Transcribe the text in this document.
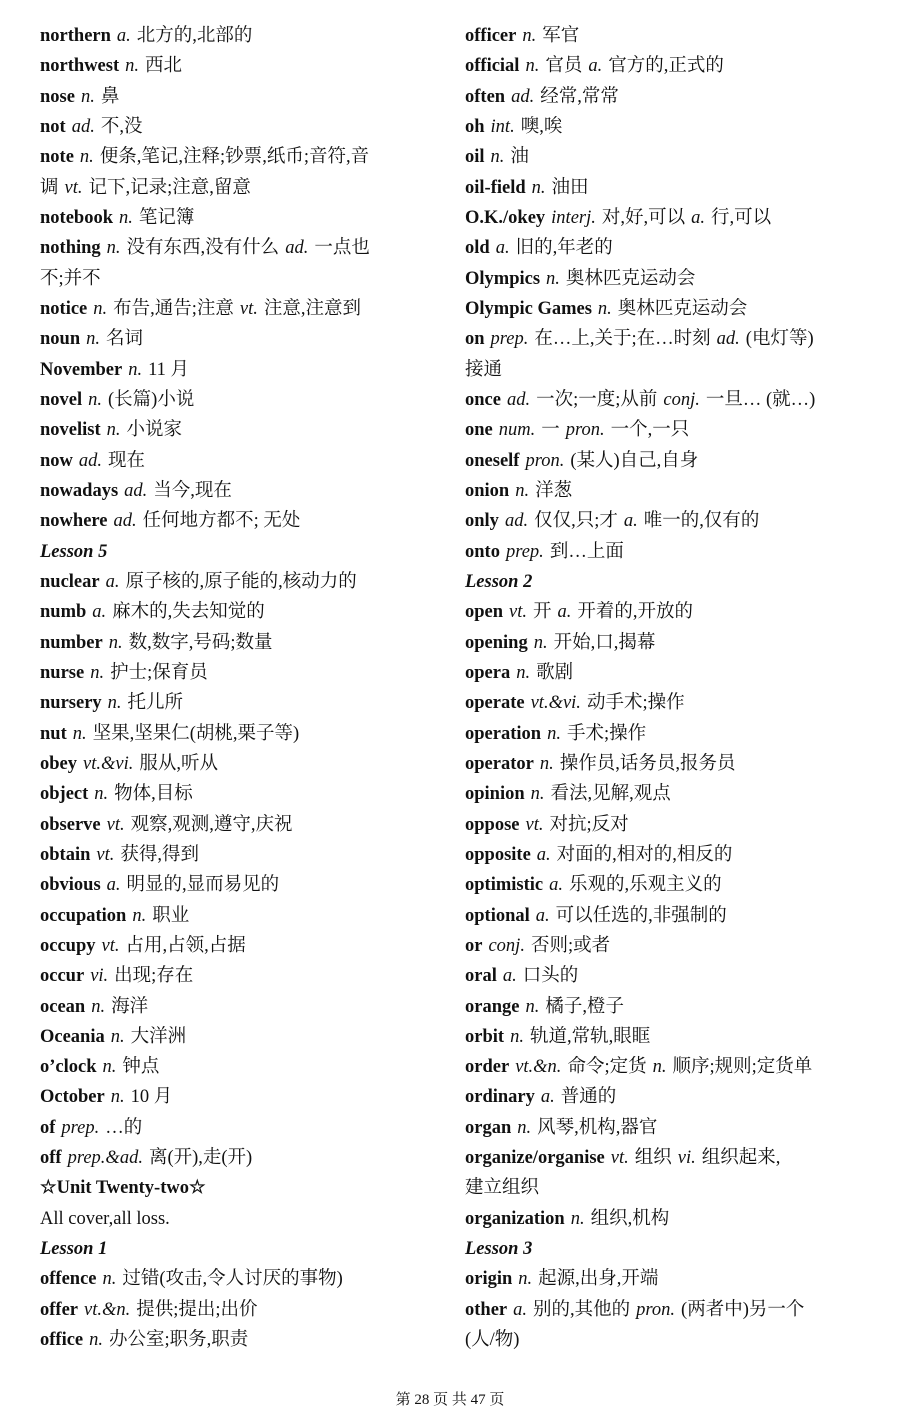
northern a. 北方的,北部的
northwest n. 西北
nose n. 鼻
not ad. 不,没
note n. 便条,笔记,注释;钞票,纸币;音符,音
调 vt. 记下,记录;注意,留意
notebook n. 笔记簿
nothing n. 没有东西,没有什么 ad. 一点也
不;并不
notice n. 布告,通告;注意 vt. 注意,注意到
noun n. 名词
November n. 11 月
novel n. (长篇)小说
novelist n. 小说家
now ad. 现在
nowadays ad. 当今,现在
nowhere ad. 任何地方都不; 无处
Lesson 5
nuclear a. 原子核的,原子能的,核动力的
numb a. 麻木的,失去知觉的
number n. 数,数字,号码;数量
nurse n. 护士;保育员
nursery n. 托儿所
nut n. 坚果,坚果仁(胡桃,栗子等)
obey vt.&vi. 服从,听从
object n. 物体,目标
observe vt. 观察,观测,遵守,庆祝
obtain vt. 获得,得到
obvious a. 明显的,显而易见的
occupation n. 职业
occupy vt. 占用,占领,占据
occur vi. 出现;存在
ocean n. 海洋
Oceania n. 大洋洲
o’clock n. 钟点
October n. 10 月
of prep. …的
off prep.&ad. 离(开),走(开)
☆Unit Twenty-two☆
All cover,all loss.
Lesson 1
offence n. 过错(攻击,令人讨厌的事物)
offer vt.&n. 提供;提出;出价
office n. 办公室;职务,职责
officer n. 军官
official n. 官员 a. 官方的,正式的
often ad. 经常,常常
oh int. 噢,唉
oil n. 油
oil-field n. 油田
O.K./okey interj. 对,好,可以 a. 行,可以
old a. 旧的,年老的
Olympics n. 奥林匹克运动会
Olympic Games n. 奥林匹克运动会
on prep. 在…上,关于;在…时刻 ad. (电灯等)
接通
once ad. 一次;一度;从前 conj. 一旦… (就…)
one num. 一 pron. 一个,一只
oneself pron. (某人)自己,自身
onion n. 洋葱
only ad. 仅仅,只;才 a. 唯一的,仅有的
onto prep. 到…上面
Lesson 2
open vt. 开 a. 开着的,开放的
opening n. 开始,口,揭幕
opera n. 歌剧
operate vt.&vi. 动手术;操作
operation n. 手术;操作
operator n. 操作员,话务员,报务员
opinion n. 看法,见解,观点
oppose vt. 对抗;反对
opposite a. 对面的,相对的,相反的
optimistic a. 乐观的,乐观主义的
optional a. 可以任选的,非强制的
or conj. 否则;或者
oral a. 口头的
orange n. 橘子,橙子
orbit n. 轨道,常轨,眼眶
order vt.&n. 命令;定货 n. 顺序;规则;定货单
ordinary a. 普通的
organ n. 风琴,机构,器官
organize/organise vt. 组织 vi. 组织起来,
建立组织
organization n. 组织,机构
Lesson 3
origin n. 起源,出身,开端
other a. 别的,其他的 pron. (两者中)另一个
(人/物)
第 28 页 共 47 页
